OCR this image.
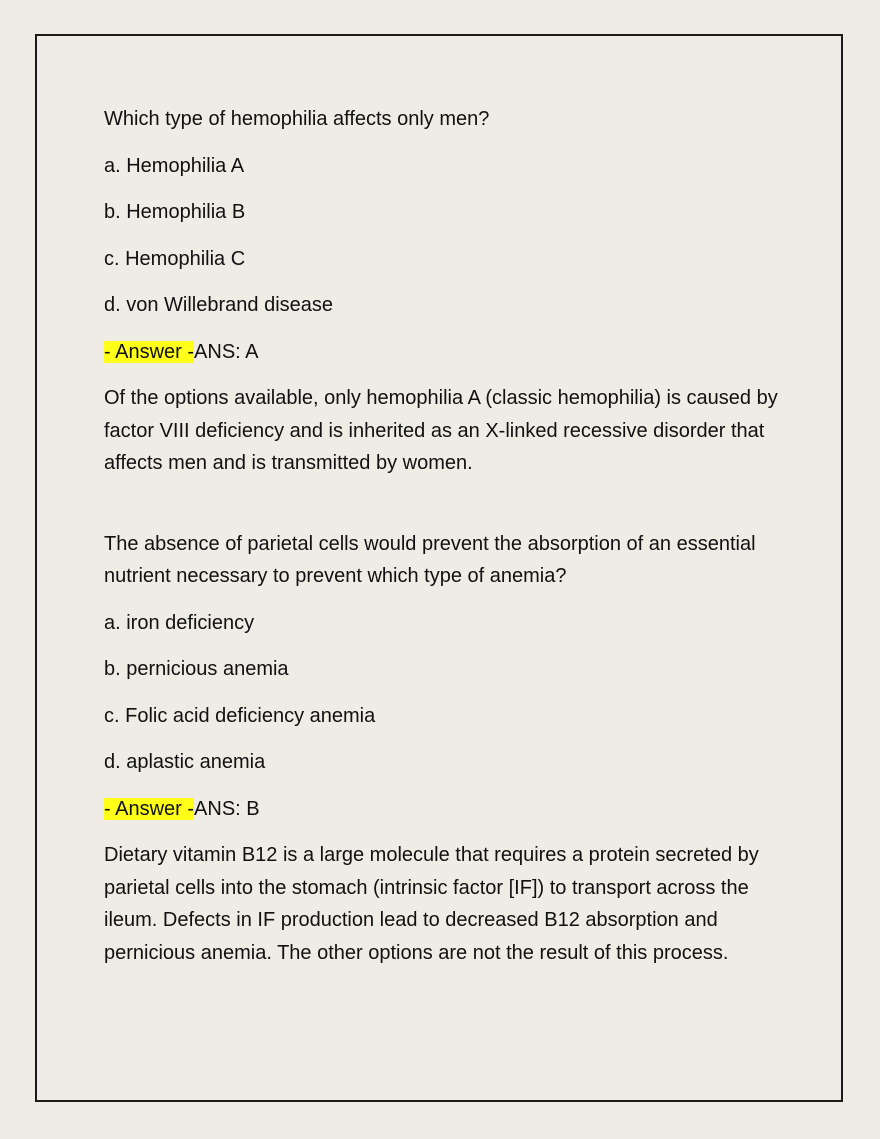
Which type of hemophilia affects only men?

a. Hemophilia A

b. Hemophilia B

c. Hemophilia C

d. von Willebrand disease

- Answer -ANS: A

Of the options available, only hemophilia A (classic hemophilia) is caused by factor VIII deficiency and is inherited as an X-linked recessive disorder that affects men and is transmitted by women.

The absence of parietal cells would prevent the absorption of an essential nutrient necessary to prevent which type of anemia?

a. iron deficiency

b. pernicious anemia

c. Folic acid deficiency anemia

d. aplastic anemia

- Answer -ANS: B

Dietary vitamin B12 is a large molecule that requires a protein secreted by parietal cells into the stomach (intrinsic factor [IF]) to transport across the ileum. Defects in IF production lead to decreased B12 absorption and pernicious anemia. The other options are not the result of this process.
